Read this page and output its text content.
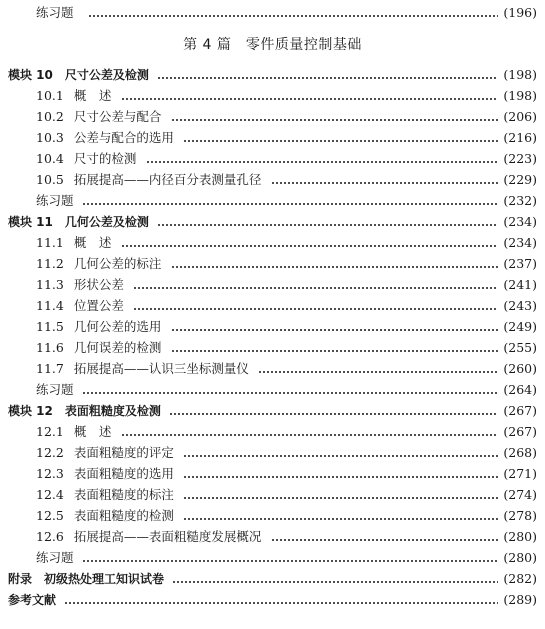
练习题	(196)
第 4 篇　零件质量控制基础
模块 10 尺寸公差及检测	(198)
10.1 概　述	(198)
10.2 尺寸公差与配合	(206)
10.3 公差与配合的选用	(216)
10.4 尺寸的检测	(223)
10.5 拓展提高——内径百分表测量孔径	(229)
练习题	(232)
模块 11 几何公差及检测	(234)
11.1 概　述	(234)
11.2 几何公差的标注	(237)
11.3 形状公差	(241)
11.4 位置公差	(243)
11.5 几何公差的选用	(249)
11.6 几何误差的检测	(255)
11.7 拓展提高——认识三坐标测量仪	(260)
练习题	(264)
模块 12 表面粗糙度及检测	(267)
12.1 概　述	(267)
12.2 表面粗糙度的评定	(268)
12.3 表面粗糙度的选用	(271)
12.4 表面粗糙度的标注	(274)
12.5 表面粗糙度的检测	(278)
12.6 拓展提高——表面粗糙度发展概况	(280)
练习题	(280)
附录 初级热处理工知识试卷	(282)
参考文献	(289)
